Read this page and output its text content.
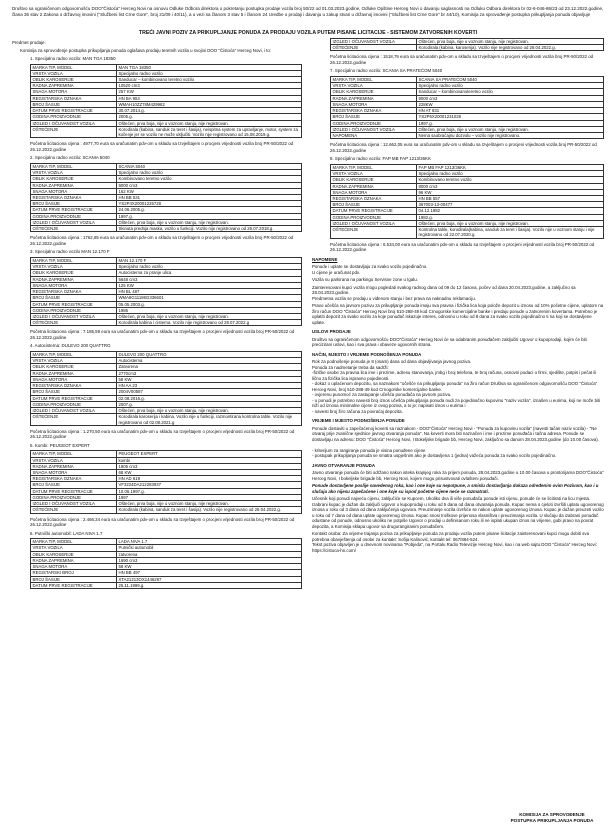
Društvo sa ograničenom odgovornošću DOO"Čistoća" Herceg Novi na osnovu Odluke Odbora direktora o pokretanju postupka prodaje vozila broj 50/22 od 01.03.2023.godine, Odluke Opštine Herceg Novi o davanju saglasnosti na Odluku Odbora direktora br 02-6-046-86/23 od 23.12.2022.godine, člana 36 stav 2 Zakona o državnoj imovini ("Službeni list Crne Gore", broj 21/09 i 40/11), a u vezi sa članom 3 stav 5 i članom 24 Uredbe o prodaji i davanju u zakup stvari u državnoj imovini ("Službeni list Crne Gore" br 44/10), Komisija za sprovođenje postupka prikupljanja ponuda objavljuje
TREĆI JAVNI POZIV ZA PRIKUPLJANJE PONUDA ZA PRODAJU VOZILA PUTEM PISANE LICITACIJE - SISTEMOM ZATVORENIH KOVERTI

Predmet prodaje:

Komisija za sprovođenje postupka prikupljanja ponuda oglašava prodaju teretnih vozila u svojini DOO "Čistoća" Herceg Novi, i to:

1. Specijalno radno vozilo: MAN TGA 18350

MARKA TIP, MODEL	MAN TGA 18350
VRSTA VOZILA	Specijalno radno vozilo
OBLIK KAROSERIJE	Sanducar – kombinovano teretno vozilo
RADNA ZAPREMINA	10520 cm3
SNAGA MOTORA	257 KW
REGISTARSKA OZNAKA	HN BA 953
BROJ ŠASIJE	WMAH10ZZ78M429982
DATUM PRVE REGISTRACIJE	30.07.2014.g.
GODINA PROIZVODNJE	2005.g.
IZGLED I OČUVANOST VOZILA	Oštećen, prva boja, nije u voznom stanju, nije registrovan.
OŠTEĆENJE	Korodirala (kabina, sanduk za teret i šasija), neispitna system za upravljanje, motor, system za kočenje jer se vozilo ne može uključiti. Vozilo nije registrovano od 15.08.2019.g.

Početna licitaciona cijena : 4977,70 eura sa uračunatim pdv-om u skladu sa Izvještajem o procjeni vrijednosti vozila broj PR-50/2022 od 26.12.2022.godine

2. Specijalno radno vozilo: SCANIA 5040

MARKA TIP, MODEL	SCANIA 5040
VRSTA VOZILA	Specijalno radno vozilo
OBLIK KAROSERIJE	Kombinovano teretno vozilo
RADNA ZAPREMINA	9000 cm3
SNAGA MOTORA	162 KW
REGISTARSKA OZNAKA	HN BB 531
BROJ ŠASIJE	YS2P4X20001225728
DATUM PRVE REGISTRACIJE	24.06.2005.g.
GODINA PROIZVODNJE	1997.g.
IZGLED I OČUVANOST VOZILA	Oštećen, prva boja, nije u voznom stanju, nije registrovan.
OŠTEĆENJE	Skinuta prednja maska, vozilo u funkciji. Vozilo nije registrovano od 26.07.2018.g.

Početna licitaciona cijena : 1762,85 eura sa uračunatim pdv-om u skladu sa Izvještajem o procjeni vrijednosti vozila broj PR-50/2022 od 26.12.2022.godine

3. Specijalno radno vozilo MAN 12.170 F

MARKA TIP, MODEL	MAN 12.170 F
VRSTA VOZILA	Specijalno radno vozilo
OBLIK KAROSERIJE	Autocisterna za pranje ulica
RADNA ZAPREMINA	5648 cm3
SNAGA MOTORA	125 KW
REGISTARSKA OZNAKA	HN BL 487
BROJ ŠASIJE	WMA8G11186G336601
DATUM PRVE REGISTRACIJE	05.05.2003.g.
GODINA PROIZVODNJE	1985
IZGLED I OČUVANOST VOZILA	Oštećen, prva boja, nije u voznom stanju, nije registrovan.
OŠTEĆENJE	Korodirala kabina i cisterna. Vozilo nije registrovano od 28.07.2022.g

Početna licitaciona cijena : 7.185,59 eura sa uračunatim pdv-om u skladu sa Izvještajem o procjeni vrijednosti vozila broj PR-50/2022 od 26.12.2022.godine

4. Autocisterna: DULEVO 200 QUATTRO

MARKA TIP, MODEL	DULEVO 200 QUATTRO
VRSTA VOZILA	Autocisterna
OBLIK KAROSERIJE	Zatvorena
RADNA ZAPREMINA	2770cm3
SNAGA MOTORA	58 KW
REGISTARSKA OZNAKA	HN AA 23
BROJ ŠASIJE	2004V00587
DATUM PRVE REGISTRACIJE	02.08.2016.g.
GODINA PROIZVODNJE	2007.g.
IZGLED I OČUVANOST VOZILA	Oštećen, prva boja, nije u voznom stanju, nije registrovan.
OŠTEĆENJE	Korodirala karoserija i kabina. Vozilo nije u funkciji, razmontirana kontrolna table. Vozilo nije registrovano od 02.08.2021.g

Početna licitaciona cijena : 1.270,50 eura sa uračunatim pdv-om u skladu sa Izvještajem o procjeni vrijednosti vozila broj PR-50/2022 od 26.12.2022.godine

5. Kombi: PEUGEOT EXPERT

MARKA TIP, MODEL	PEUGEOT EXPERT
VRSTA VOZILA	kombi
RADNA ZAPREMINA	1905 cm3
SNAGA MOTORA	68 KW
REGISTARSKA OZNAKA	HN AD 619
BROJ ŠASIJE	VF3224DA212283937
DATUM PRVE REGISTRACIJE	10.06.1997.g.
GODINA PROIZVODNJE	1997
IZGLED I OČUVANOST VOZILA	Oštećen, prva boja, nije u voznom stanju, nije registrovan.
OŠTEĆENJE	Korodirala (kabina, sanduk za teret i šasija). Vozilo nije registrovano od 28.04.2022.g.

Početna licitaciona cijena : 2.466,34 eura sa uračunatim pdv-om u skladu sa Izvještajem o procjeni vrijednosti vozila broj PR-50/2022 od 26.12.2022.godine

6. Putnički automobil: LADA NIVA 1.7

MARKA TIP, MODEL	LADA NIVA 1.7
VRSTA VOZILA	Putnički automobil
OBLIK KAROSERIJE	zatvorena
RADNA ZAPREMINA	1690 cm3
SNAGA MOTORA	58 KW
REGISTARSKI BROJ	HN BB 497
BROJ ŠASIJE	XTA21213OX1446297
DATUM PRVE REGISTRACIJE	25.11.1999.g.
IZGLED I OČUVANOST VOZILA	Oštećen, prva boja, nije u voznom stanju, nije registrovan.
OŠTEĆENJE	Korodirala (kabina, karoserija). Vozilo nije registrovano od 28.04.2022.g.

Početna licitaciona cijena : 1518,79 eura sa uračunatim pdv-om u skladu sa Izvještajem o procjeni vrijednosti vozila broj PR-50/2022 od 26.12.2022.godine

7. Specijalno radno vozilo: SCANIA SA PRATEĆOM 5040

MARKA TIP, MODEL	SCANIA SA PRATEĆOM 5040
VRSTA VOZILA	Specijalno radno vozilo
OBLIK KAROSERIJE	Sanducar – kombinovanoteretno vozilo
RADNA ZAPREMINA	9000 cm3
SNAGA MOTORA	228KW
REGISTARSKA OZNAKA	HN AT 831
BROJ ŠASIJE	YS2P6X20001231029
GODINA PROIZVODNJE	1997.g.
IZGLED I OČUVANOST VOZILA	Oštećen, prva boja, nije u voznom stanju, nije registrovan.
NAPOMENA	Nema saobraćajnu dozvolu – vozilo nije registrovano.

Početna licitaciona cijena : 12.662,05 eura sa uračunatim pdv-om u skladu sa Izvještajem o procjeni vrijednosti vozila broj PR-50/2022 od 26.12.2022.godine

8. Specijalno radno vozilo: FAP MB FAP 1213/36KK

MARKA TIP, MODEL	FAP MB FAP 1213/36KK
VRSTA VOZILA	Specijalno radno vozilo
OBLIK KAROSERIJE	Kombinovano teretno vozilo
RADNA ZAPREMINA	8000 cm3
SNAGA MOTORA	96 KW
REGISTARSKA OZNAKA	HN BB 557
BROJ ŠASIJE	367003-13-00477
DATUM PRVE REGISTRACIJE	04.12.1982
GODINA PROIZVODNJE	1982.g.
IZGLED I OČUVANOST VOZILA	Oštećen, prva boja, nije u voznom stanju, nije registrovan.
OŠTEĆENJE	Kontrolna table, korodirala(kabina, sanduk za teret i šasija). Vozilo nije u voznom stanju i nije registrovano od 22.07.2020.g.

Početna licitaciona cijena : 6.534,00 eura sa uračunatim pdv-om u skladu sa Izvještajem o procjeni vrijednosti vozila broj PR-50/2022 od 26.12.2022.godine

NAPOMENE

Ponude i uplate se dostavljaju za svako vozilo pojedinačno.
U cijene je uračunat pdv.

Vozila su parkirana na parkingu Servisne zone u Igalu.

Zainteresovani kupci vozila mogu pogledati svakog radnog dana od 09 do 12 časova, počev od dana 20.04.2023.godine, a zaključno sa 28.04.2023.godine.
Predmetna vozila se prodaju u viđenom stanju i bez prava na naknadnu reklamaciju.

Pravo učešća na javnom pozivu za prikupljanje ponuda imaju sva pravna i fizička lica koja polože depozit u iznosu od 10% početne cijene, uplatom na žiro račun DOO "Čistoća" Herceg Novi broj 510-288-49 kod Crnogorske komercijalne banke i predaju ponude u zatvorenim kovertama. Potrebno je uplatiti depozit za svako vozilo za koje ponuđač iskazuje interes, odnosno u roku od 8 dana za svako vozilo pojedinačno ti na koji se dostavljene uplate.

USLOVI PRODAJE

Društvo sa ograničenom odgovornošću DOO"Čistoća" Herceg Novi će sa odabranim ponuđačem zaključiti Ugovor o kupoprodaji, kojim će biti precizirani uslovi, kao i sva prava i obaveze ugovornih strana.

NAČIN, MJESTO I VRIJEME PODNOŠENJA PONUDA

Rok za podnošenje ponuda je 8 (osam) dana od dana objavljivanja javnog poziva.
Ponuda za nadmetanje treba da sadrži:
-fizičke osobe za pravna lica ime i prezime, adresu stanovanja, jmbg i broj telefona, te broj računa, osnovni podaci o firmi, sjedište, potpis i pečat ili lično za fizička lica ispravno pojedinosti.
- dokaz o uplaćenom depozitu, sa naznakom "učešće na prikupljanju ponuda" na žiro račun Društva sa ograničenom odgovornošću DOO "Čistoća" Herceg Novi, broj 510-288-49 kod Crnogorske komercijalne banke.
- ovjerenu punomoć za zastupanje učešća ponuđača na javnom pozivu.
- u ponudi je potrebno navesti broj iznos učešća prikupljanja ponuda nudi za pojedinačno kupovinu "naziv vozila", iznašen u eurima, koji ne može biti niži od iznosa minimalne cijene iz ovog poziva, a to je: napisati iznos u eurima i
- navesti broj žiro računa za povraćaj depozita.

VRIJEME I MJESTO PODNOŠENJA PONUDE

Ponude dostaviti u zapečaćenoj koverti sa naznakom - DOO"Čistoća" Herceg Novi - "Ponuda za kupovinu vozila" (navesti tačan naziv vozila) - "Ne otvaraj prije zvanične sjednice javnog otvaranja ponuda". Na koverti mora biti naznačen i ime i prezime ponuđača i tačna adresa. Ponude se dostavljaju na adresu: DOO "Čistoća" Herceg Novi, I Bokeljske brigade bb, Herceg Novi, zaključno sa danom 28.04.2023.godine (do 10.00 časova).

- kriterijum za rangiranje ponuda je visina ponuđene cijene
- postupak prikupljanja ponuda se smatra uspješnim ako je dostavljena 1 (jedna) važeća ponuda za svako vozilo pojedinačno.

JAVNO OTVARANJE PONUDA

Javno otvaranje ponuda će biti održano nakon isteka krajnjeg roka za prijem ponuda, 28.04.2023.godine u 10.00 časova u prostorijama DOO"Čistoća" Herceg Novi, I bokeljske brigade bb, Herceg Novi, kojem mogu prisustvovati ovlašteni ponuđači.

Ponude dostavljene poslije navedenog roka, kao i one koje su nepotpune, a smislu dostavljanja dokaza određenim ovim Pozivom, kao i u slučaju ako nijesu zapečaćene i one koje su ispod početne cijene neće se razmatrati.

Učesnik koji ponudi najveću cijenu, zaključiće se Kupcem. Ukoliko dva ili više ponuđača ponude isti cijenu, ponude će se licitirati na licu mjesta. Izabrani kupac je dužan da zaključi Ugovor o kupoprodaji u roku od 5 dana od dana otvaranja ponuda. Kupac nema o cjeloti izvršiti uplatu ugovorenog iznosa u roku od 3 dana od dana zaključenja ugovora. Preuzimanje vozila izvršiće se nakon uplate ugovorenog iznosa. Kupac je dužan preuzeti vozilo u roku od 7 dana od dana uplate ugovorenog iznosa. Kupac snosi troškove prijenosa vlasništva i preuzimanja vozila. U slučaju da izabrani ponuđač odustane od ponude, odnosno ukoliko ne potpiše Ugovor o prodaji u definisanom roku ili ne isplati ukupan iznos na vrijeme, gubi pravo na povrat depozita, a Komisija sklapa ugovor sa drugorangiranim ponuđačem.

Kontakt osoba: Za vrijeme trajanja poziva za prikupljanje ponuda za prodaju vozila putem pisane licitacije zainteresovani kupci mogu dobiti sva potrebna obavještenja od osobe za kontakt: Sofija Kalinović, kontakt tel: 067/884-524.
Tekst poziva objavljen je u dnevnom novinama "Pobjeda", na Portalu Radio Televizije Herceg Novi, kao i na web sajtu DOO "Čistoća" Herceg Novi: https://cistoca-hn.com/

KOMISIJA ZA SPROVOĐENJE
POSTUPKA PRIKUPLJANJA PONUDA
